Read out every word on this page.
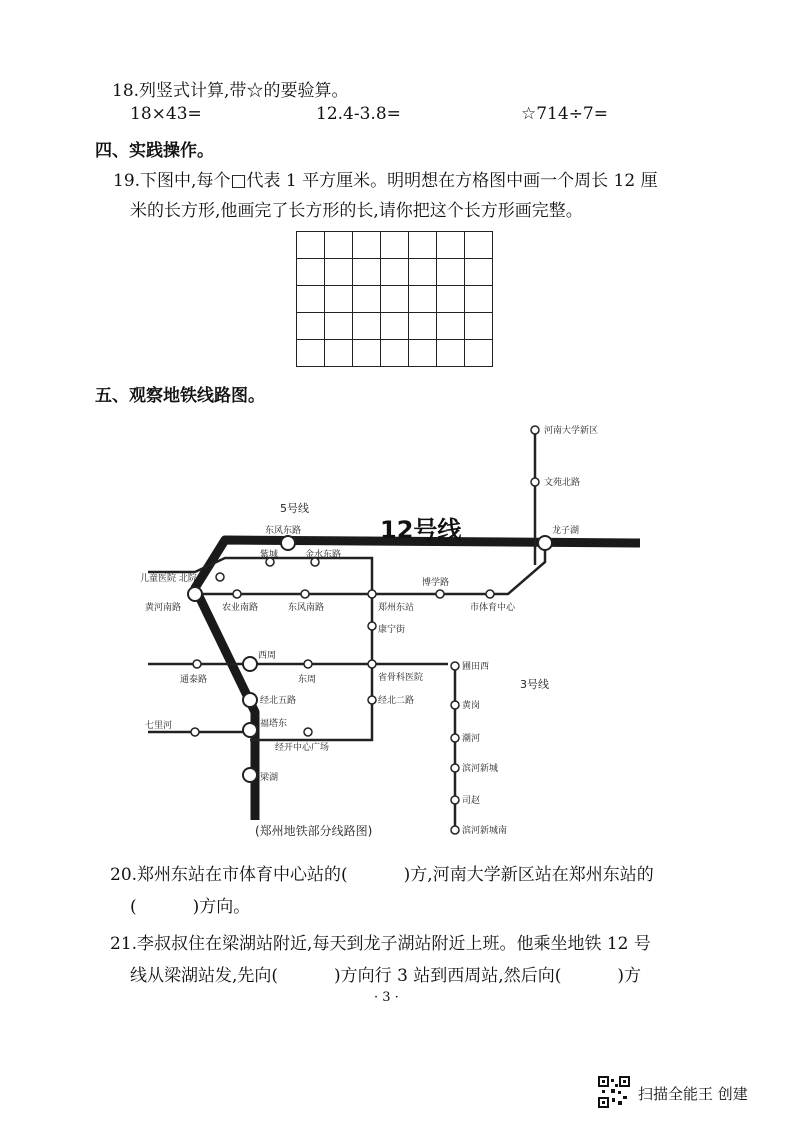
18.列竖式计算,带☆的要验算。
18×43=	12.4-3.8=	☆714÷7=
四、实践操作。
19.下图中,每个□代表 1 平方厘米。明明想在方格图中画一个周长 12 厘
米的长方形,他画完了长方形的长,请你把这个长方形画完整。

五、观察地铁线路图。
12号线
5号线
3号线
河南大学新区
文苑北路
龙子湖
东风东路
紫城	金水东路
儿童医院 北院
黄河南路	农业南路	东风南路	郑州东站
博学路
市体育中心
康宁街
西周
东周
通泰路	省骨科医院
圃田西
经北五路	经北二路
福塔东
七里河
经开中心广场
梁湖
黄岗
潮河
滨河新城
司赵
滨河新城南
(郑州地铁部分线路图)
20.郑州东站在市体育中心站的(	)方,河南大学新区站在郑州东站的
(	)方向。
21.李叔叔住在梁湖站附近,每天到龙子湖站附近上班。他乘坐地铁 12 号
线从梁湖站发,先向(	)方向行 3 站到西周站,然后向(	)方
· 3 ·
扫描全能王 创建
